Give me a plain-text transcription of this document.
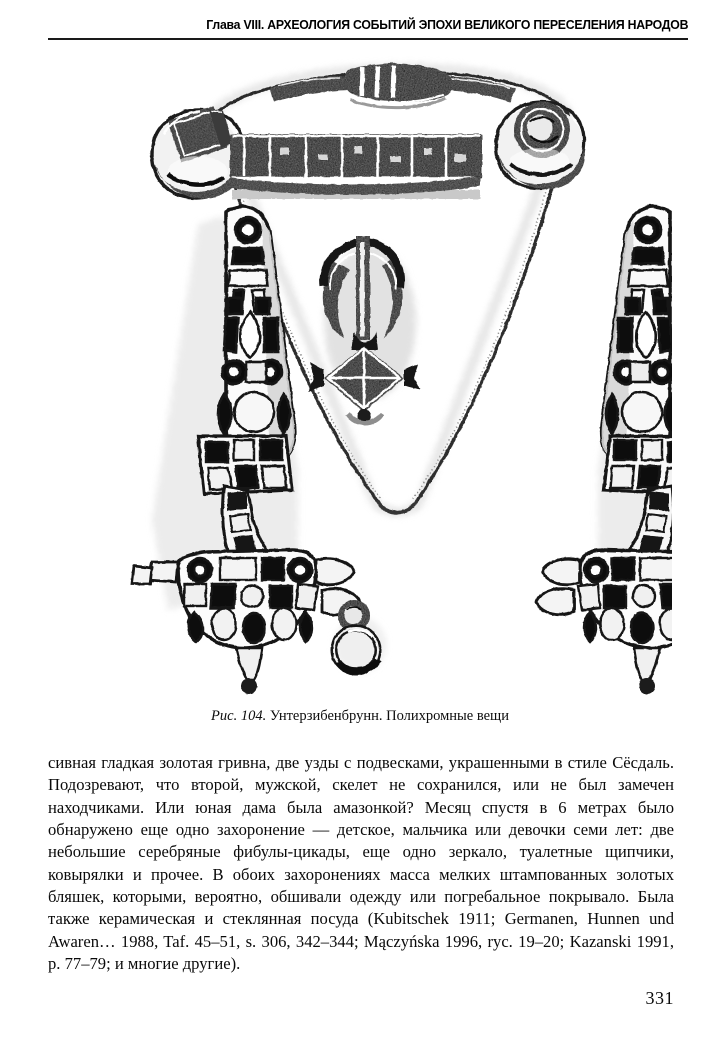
Глава VIII. АРХЕОЛОГИЯ СОБЫТИЙ ЭПОХИ ВЕЛИКОГО ПЕРЕСЕЛЕНИЯ НАРОДОВ
Рис. 104. Унтерзибенбрунн. Полихромные вещи

сивная гладкая золотая гривна, две узды с подвесками, украшенными в стиле Сёсдаль. Подозревают, что второй, мужской, скелет не сохранился, или не был замечен находчиками. Или юная дама была амазонкой? Месяц спустя в 6 метрах было обнаружено еще одно захоронение — детское, мальчика или девочки семи лет: две небольшие серебряные фибулы-цикады, еще одно зеркало, туалетные щипчики, ковырялки и прочее. В обоих захоронениях масса мелких штампованных золотых бляшек, которыми, вероятно, обшивали одежду или погребальное покрывало. Была также керамическая и стеклянная посуда (Kubitschek 1911; Germanen, Hunnen und Awaren… 1988, Taf. 45–51, s. 306, 342–344; Mączyńska 1996, ryc. 19–20; Kazanski 1991, p. 77–79; и многие другие).

331
